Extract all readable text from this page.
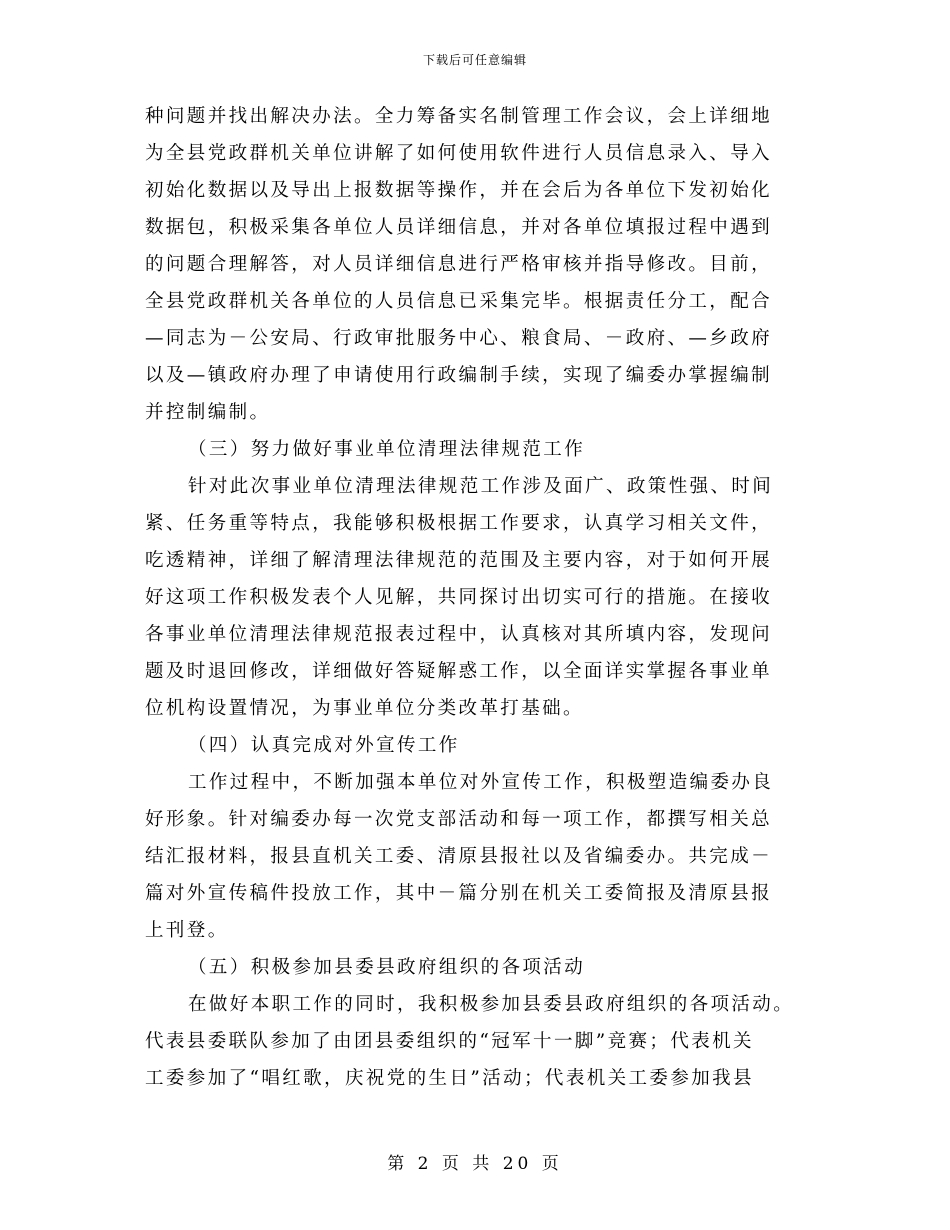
下载后可任意编辑
种问题并找出解决办法。全力筹备实名制管理工作会议，会上详细地
为全县党政群机关单位讲解了如何使用软件进行人员信息录入、导入
初始化数据以及导出上报数据等操作，并在会后为各单位下发初始化
数据包，积极采集各单位人员详细信息，并对各单位填报过程中遇到
的问题合理解答，对人员详细信息进行严格审核并指导修改。目前，
全县党政群机关各单位的人员信息已采集完毕。根据责任分工，配合
—同志为－公安局、行政审批服务中心、粮食局、－政府、—乡政府
以及—镇政府办理了申请使用行政编制手续，实现了编委办掌握编制
并控制编制。
（三）努力做好事业单位清理法律规范工作
针对此次事业单位清理法律规范工作涉及面广、政策性强、时间
紧、任务重等特点，我能够积极根据工作要求，认真学习相关文件，
吃透精神，详细了解清理法律规范的范围及主要内容，对于如何开展
好这项工作积极发表个人见解，共同探讨出切实可行的措施。在接收
各事业单位清理法律规范报表过程中，认真核对其所填内容，发现问
题及时退回修改，详细做好答疑解惑工作，以全面详实掌握各事业单
位机构设置情况，为事业单位分类改革打基础。
（四）认真完成对外宣传工作
工作过程中，不断加强本单位对外宣传工作，积极塑造编委办良
好形象。针对编委办每一次党支部活动和每一项工作，都撰写相关总
结汇报材料，报县直机关工委、清原县报社以及省编委办。共完成－
篇对外宣传稿件投放工作，其中－篇分别在机关工委简报及清原县报
上刊登。
（五）积极参加县委县政府组织的各项活动
在做好本职工作的同时，我积极参加县委县政府组织的各项活动。
代表县委联队参加了由团县委组织的“冠军十一脚”竞赛；代表机关
工委参加了“唱红歌，庆祝党的生日”活动；代表机关工委参加我县
第 2 页 共 20 页
